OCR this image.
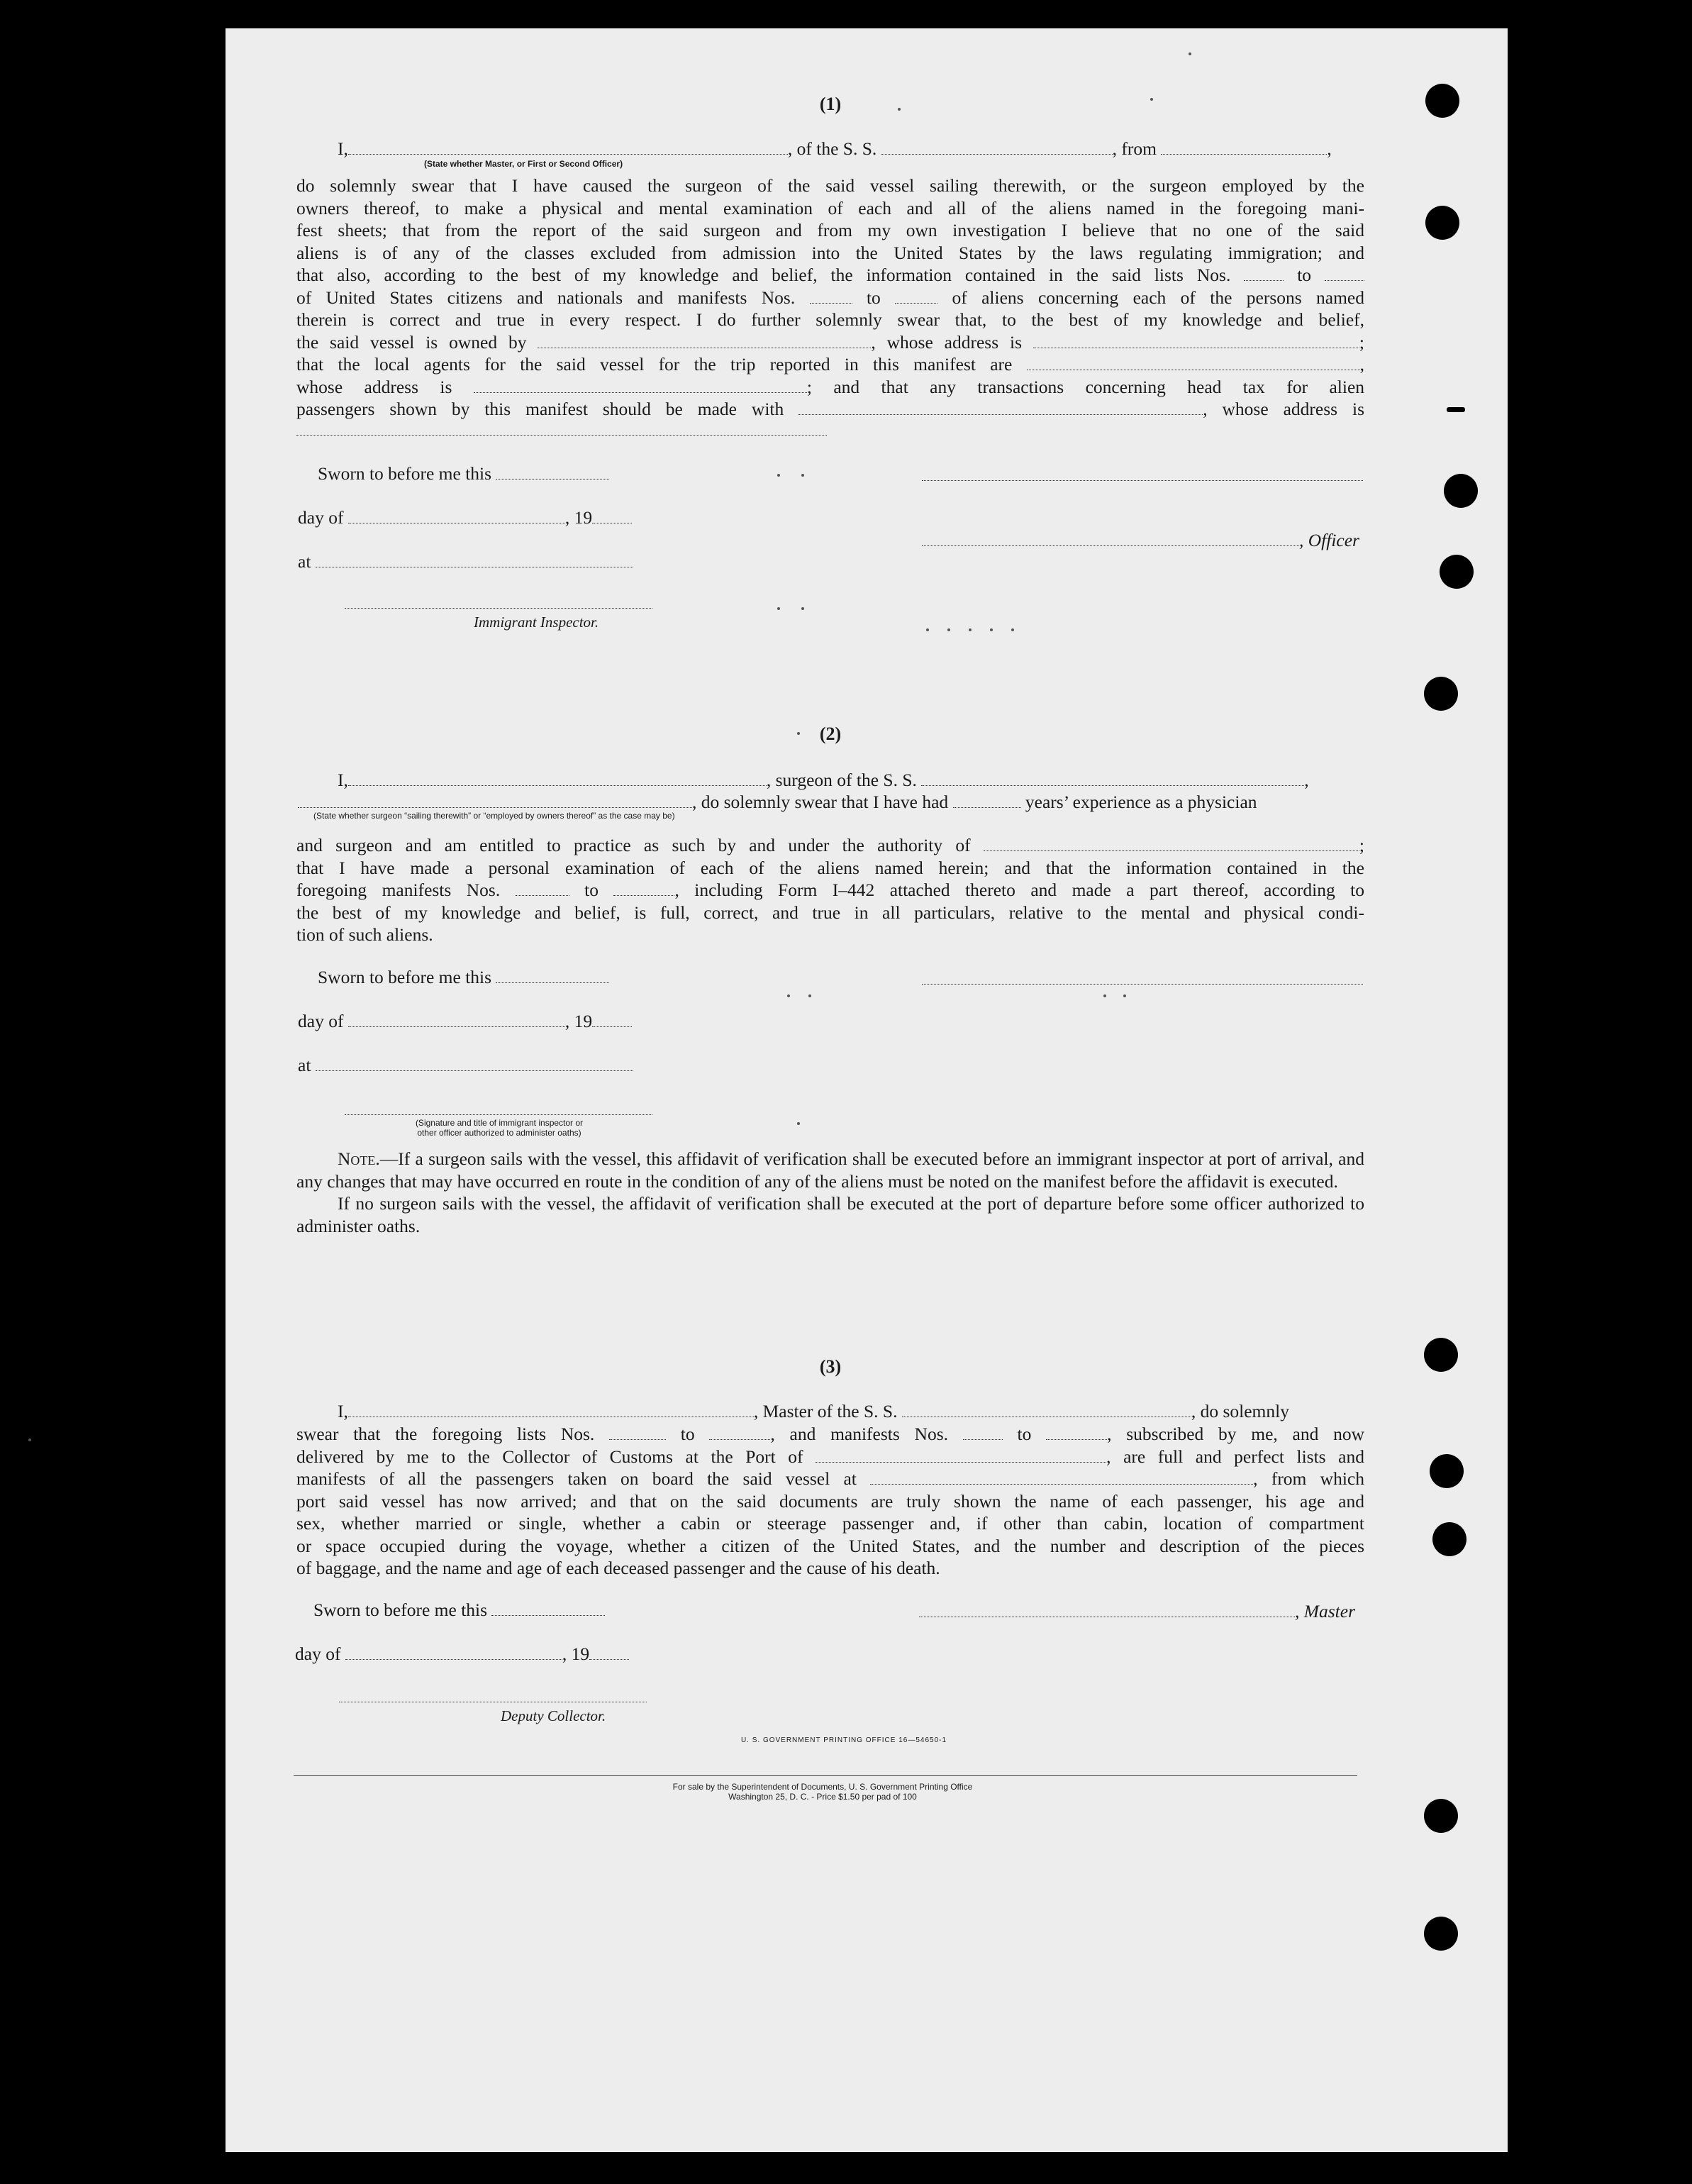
(1)
I,	, of the S. S.	, from	,
(State whether Master, or First or Second Officer)

do solemnly swear that I have caused the surgeon of the said vessel sailing therewith, or the surgeon employed by the

owners thereof, to make a physical and mental examination of each and all of the aliens named in the foregoing mani-

fest sheets; that from the report of the said surgeon and from my own investigation I believe that no one of the said

aliens is of any of the classes excluded from admission into the United States by the laws regulating immigration; and

that also, according to the best of my knowledge and belief, the information contained in the said lists Nos.	to

of United States citizens and nationals and manifests Nos.	to	of aliens concerning each of the persons named

therein is correct and true in every respect. I do further solemnly swear that, to the best of my knowledge and belief,

the said vessel is owned by	, whose address is	;

that the local agents for the said vessel for the trip reported in this manifest are	,

whose address is	; and that any transactions concerning head tax for alien

passengers shown by this manifest should be made with	, whose address is

Sworn to before me this
day of	, 19
, Officer
at
Immigrant Inspector.
(2)
I,	, surgeon of the S. S.	,
, do solemnly swear that I have had	years’ experience as a physician
(State whether surgeon “sailing therewith” or “employed by owners thereof” as the case may be)

and surgeon and am entitled to practice as such by and under the authority of	;

that I have made a personal examination of each of the aliens named herein; and that the information contained in the

foregoing manifests Nos.	to	, including Form I–442 attached thereto and made a part thereof, according to

the best of my knowledge and belief, is full, correct, and true in all particulars, relative to the mental and physical condi-

tion of such aliens.

Sworn to before me this
day of	, 19
at
(Signature and title of immigrant inspector or
other officer authorized to administer oaths)

Note.—If a surgeon sails with the vessel, this affidavit of verification shall be executed before an immigrant inspector at port of arrival, and any changes that may have occurred en route in the condition of any of the aliens must be noted on the manifest before the affidavit is executed.

If no surgeon sails with the vessel, the affidavit of verification shall be executed at the port of departure before some officer authorized to administer oaths.

(3)
I,	, Master of the S. S.	, do solemnly

swear that the foregoing lists Nos.	to	, and manifests Nos.	to	, subscribed by me, and now

delivered by me to the Collector of Customs at the Port of	, are full and perfect lists and

manifests of all the passengers taken on board the said vessel at	, from which

port said vessel has now arrived; and that on the said documents are truly shown the name of each passenger, his age and

sex, whether married or single, whether a cabin or steerage passenger and, if other than cabin, location of compartment

or space occupied during the voyage, whether a citizen of the United States, and the number and description of the pieces

of baggage, and the name and age of each deceased passenger and the cause of his death.

Sworn to before me this	, Master
day of	, 19
Deputy Collector.
U. S. GOVERNMENT PRINTING OFFICE 16—54650-1
For sale by the Superintendent of Documents, U. S. Government Printing Office
Washington 25, D. C. - Price $1.50 per pad of 100
